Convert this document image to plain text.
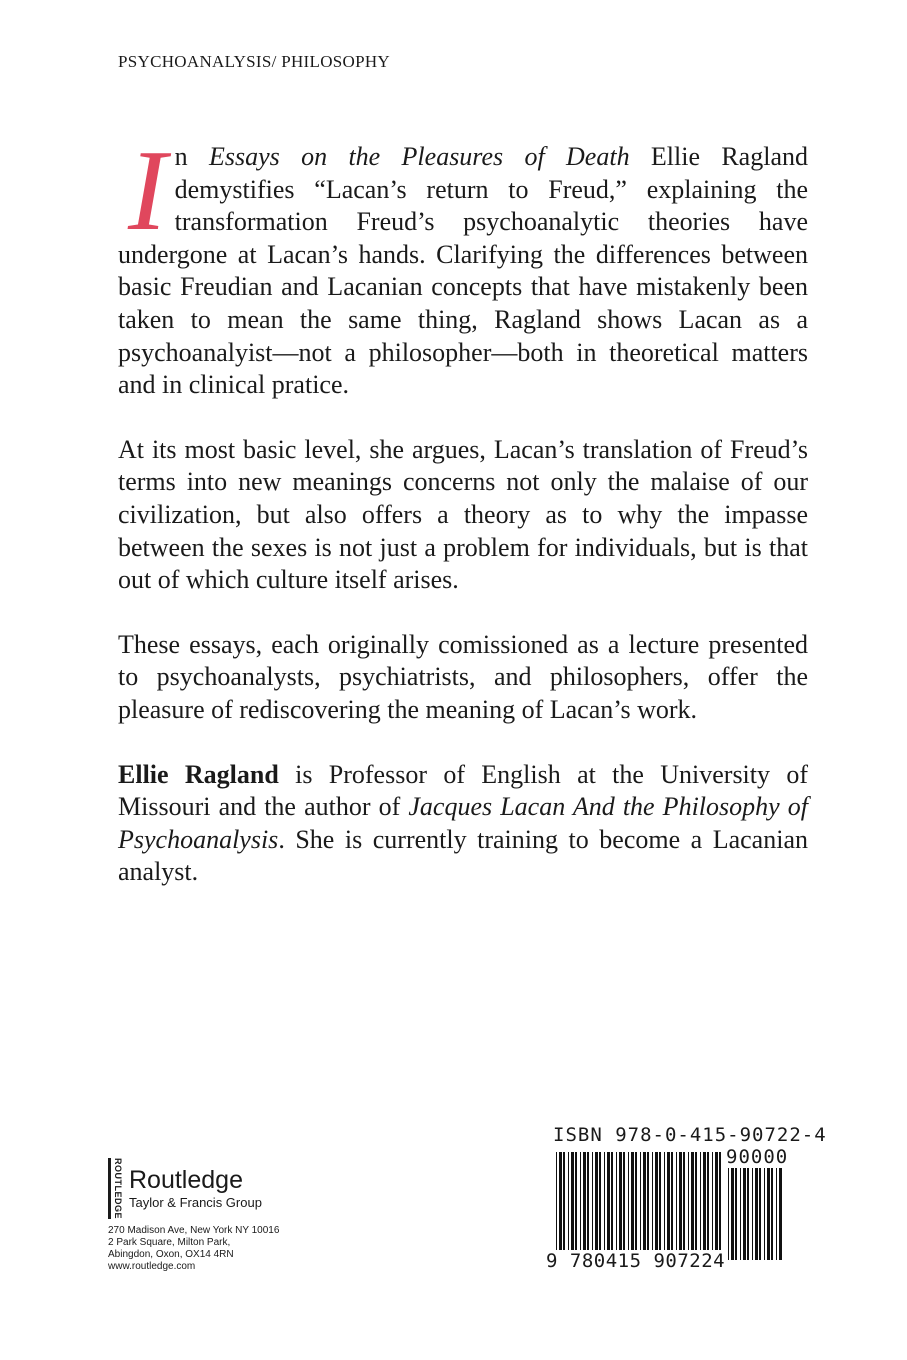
PSYCHOANALYSIS/ PHILOSOPHY

In Essays on the Pleasures of Death Ellie Ragland demystifies “Lacan’s return to Freud,” explaining the transformation Freud’s psychoanalytic theories have undergone at Lacan’s hands. Clarifying the differences between basic Freudian and Lacanian concepts that have mistakenly been taken to mean the same thing, Ragland shows Lacan as a psychoanalyist—not a philosopher—both in theoretical matters and in clinical pratice.

At its most basic level, she argues, Lacan’s translation of Freud’s terms into new meanings concerns not only the malaise of our civilization, but also offers a theory as to why the impasse between the sexes is not just a problem for individuals, but is that out of which culture itself arises.

These essays, each originally comissioned as a lecture presented to psychoanalysts, psychiatrists, and philosophers, offer the pleasure of rediscovering the meaning of Lacan’s work.

Ellie Ragland is Professor of English at the University of Missouri and the author of Jacques Lacan And the Philosophy of Psychoanalysis. She is currently training to become a Lacanian analyst.

ROUTLEDGE Routledge
Taylor & Francis Group
270 Madison Ave, New York NY 10016
2 Park Square, Milton Park,
Abingdon, Oxon, OX14 4RN
www.routledge.com
ISBN 978-0-415-90722-4
90000
9 780415 907224
